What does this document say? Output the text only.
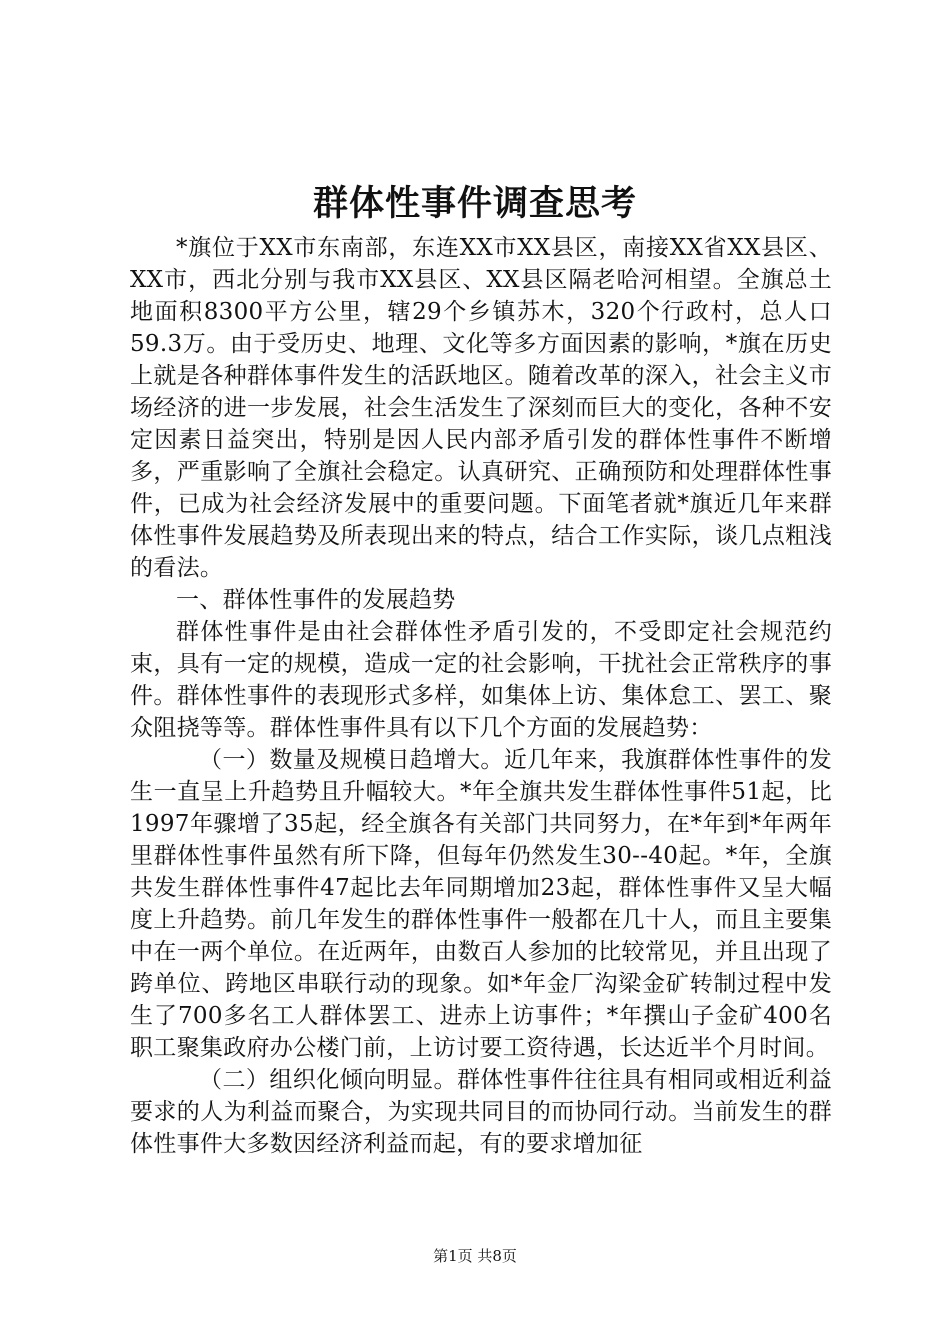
群体性事件调查思考

*旗位于XX市东南部，东连XX市XX县区，南接XX省XX县区、XX市，西北分别与我市XX县区、XX县区隔老哈河相望。全旗总土地面积8300平方公里，辖29个乡镇苏木，320个行政村，总人口59.3万。由于受历史、地理、文化等多方面因素的影响，*旗在历史上就是各种群体事件发生的活跃地区。随着改革的深入，社会主义市场经济的进一步发展，社会生活发生了深刻而巨大的变化，各种不安定因素日益突出，特别是因人民内部矛盾引发的群体性事件不断增多，严重影响了全旗社会稳定。认真研究、正确预防和处理群体性事件，已成为社会经济发展中的重要问题。下面笔者就*旗近几年来群体性事件发展趋势及所表现出来的特点，结合工作实际，谈几点粗浅的看法。

一、群体性事件的发展趋势

群体性事件是由社会群体性矛盾引发的，不受即定社会规范约束，具有一定的规模，造成一定的社会影响，干扰社会正常秩序的事件。群体性事件的表现形式多样，如集体上访、集体怠工、罢工、聚众阻挠等等。群体性事件具有以下几个方面的发展趋势：

（一）数量及规模日趋增大。近几年来，我旗群体性事件的发生一直呈上升趋势且升幅较大。*年全旗共发生群体性事件51起，比1997年骤增了35起，经全旗各有关部门共同努力，在*年到*年两年里群体性事件虽然有所下降，但每年仍然发生30--40起。*年，全旗共发生群体性事件47起比去年同期增加23起，群体性事件又呈大幅度上升趋势。前几年发生的群体性事件一般都在几十人，而且主要集中在一两个单位。在近两年，由数百人参加的比较常见，并且出现了跨单位、跨地区串联行动的现象。如*年金厂沟梁金矿转制过程中发生了700多名工人群体罢工、进赤上访事件；*年撰山子金矿400名职工聚集政府办公楼门前，上访讨要工资待遇，长达近半个月时间。

（二）组织化倾向明显。群体性事件往往具有相同或相近利益要求的人为利益而聚合，为实现共同目的而协同行动。当前发生的群体性事件大多数因经济利益而起，有的要求增加征

第1页 共8页
